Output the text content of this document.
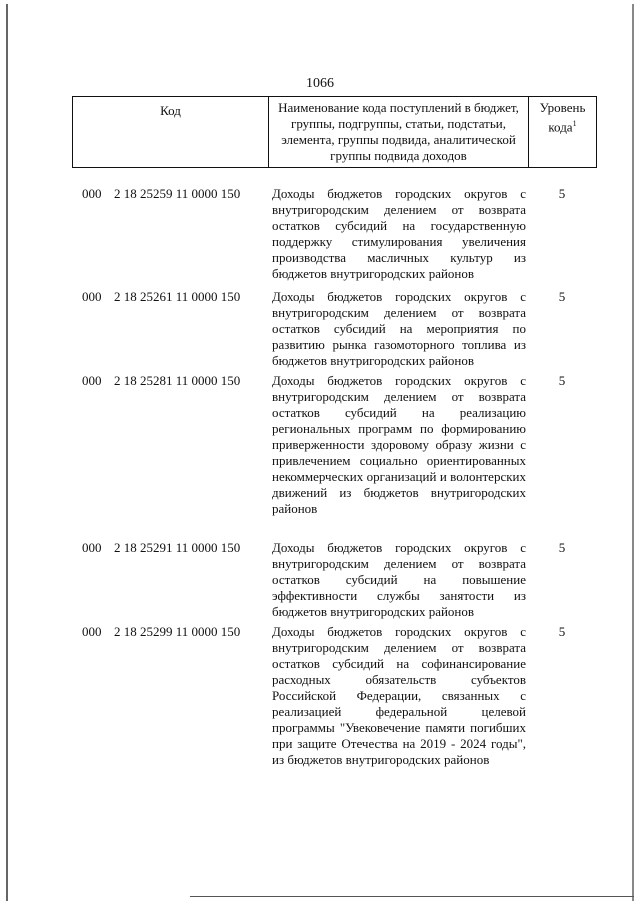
1066
Код	Наименование кода поступлений в бюджет, группы, подгруппы, статьи, подстатьи, элемента, группы подвида, аналитической группы подвида доходов
Уровень кода$^1$
000 2 18 25259 11 0000 150 Доходы бюджетов городских округов с внутригородским делением от возврата остатков субсидий на государственную поддержку стимулирования увеличения производства масличных культур из бюджетов внутригородских районов
5
000 2 18 25261 11 0000 150 Доходы бюджетов городских округов с внутригородским делением от возврата остатков субсидий на мероприятия по развитию рынка газомоторного топлива из бюджетов внутригородских районов
5
000 2 18 25281 11 0000 150 Доходы бюджетов городских округов с внутригородским делением от возврата остатков субсидий на реализацию региональных программ по формированию приверженности здоровому образу жизни с привлечением социально ориентированных некоммерческих организаций и волонтерских движений из бюджетов внутригородских районов
5
000 2 18 25291 11 0000 150 Доходы бюджетов городских округов с внутригородским делением от возврата остатков субсидий на повышение эффективности службы занятости из бюджетов внутригородских районов
5
000 2 18 25299 11 0000 150 Доходы бюджетов городских округов с внутригородским делением от возврата остатков субсидий на софинансирование расходных обязательств субъектов Российской Федерации, связанных с реализацией федеральной целевой программы "Увековечение памяти погибших при защите Отечества на 2019 - 2024 годы", из бюджетов внутригородских районов
5
